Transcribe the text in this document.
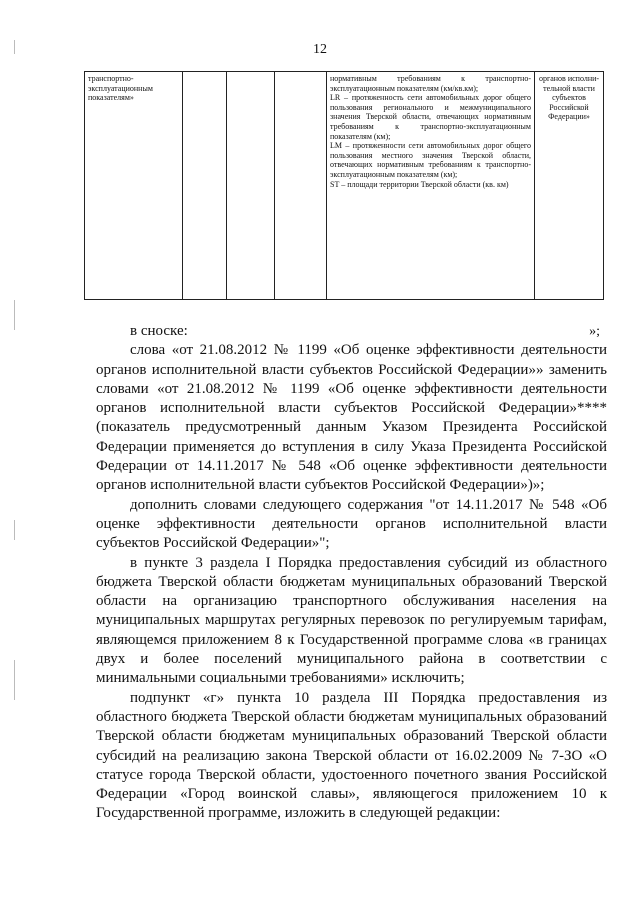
12
транспортно-эксплуатационным показателям»				нормативным требованиям к транспортно-эксплуатационным показателям (км/кв.км);
LR – протяженность сети автомобильных дорог общего пользования регионального и межмуниципального значения Тверской области, отвечающих нормативным требованиям к транспортно-эксплуатационным показателям (км);
LM – протяженности сети автомобильных дорог общего пользования местного значения Тверской области, отвечающих нормативным требованиям к транспортно-эксплуатационным показателям (км);
ST – площади территории Тверской области (кв. км)	органов исполни-тельной власти субъектов Российской Федерации»
»;

в сноске:

слова «от 21.08.2012 № 1199 «Об оценке эффективности деятельности органов исполнительной власти субъектов Российской Федерации»» заменить словами «от 21.08.2012 № 1199 «Об оценке эффективности деятельности органов исполнительной власти субъектов Российской Федерации»**** (показатель предусмотренный данным Указом Президента Российской Федерации применяется до вступления в силу Указа Президента Российской Федерации от 14.11.2017 № 548 «Об оценке эффективности деятельности органов исполнительной власти субъектов Российской Федерации»)»;

дополнить словами следующего содержания "от 14.11.2017 № 548 «Об оценке эффективности деятельности органов исполнительной власти субъектов Российской Федерации»";

в пункте 3 раздела I Порядка предоставления субсидий из областного бюджета Тверской области бюджетам муниципальных образований Тверской области на организацию транспортного обслуживания населения на муниципальных маршрутах регулярных перевозок по регулируемым тарифам, являющемся приложением 8 к Государственной программе слова «в границах двух и более поселений муниципального района в соответствии с минимальными социальными требованиями» исключить;

подпункт «г» пункта 10 раздела III Порядка предоставления из областного бюджета Тверской области бюджетам муниципальных образований Тверской области бюджетам муниципальных образований Тверской области субсидий на реализацию закона Тверской области от 16.02.2009 № 7-ЗО «О статусе города Тверской области, удостоенного почетного звания Российской Федерации «Город воинской славы», являющегося приложением 10 к Государственной программе, изложить в следующей редакции:
